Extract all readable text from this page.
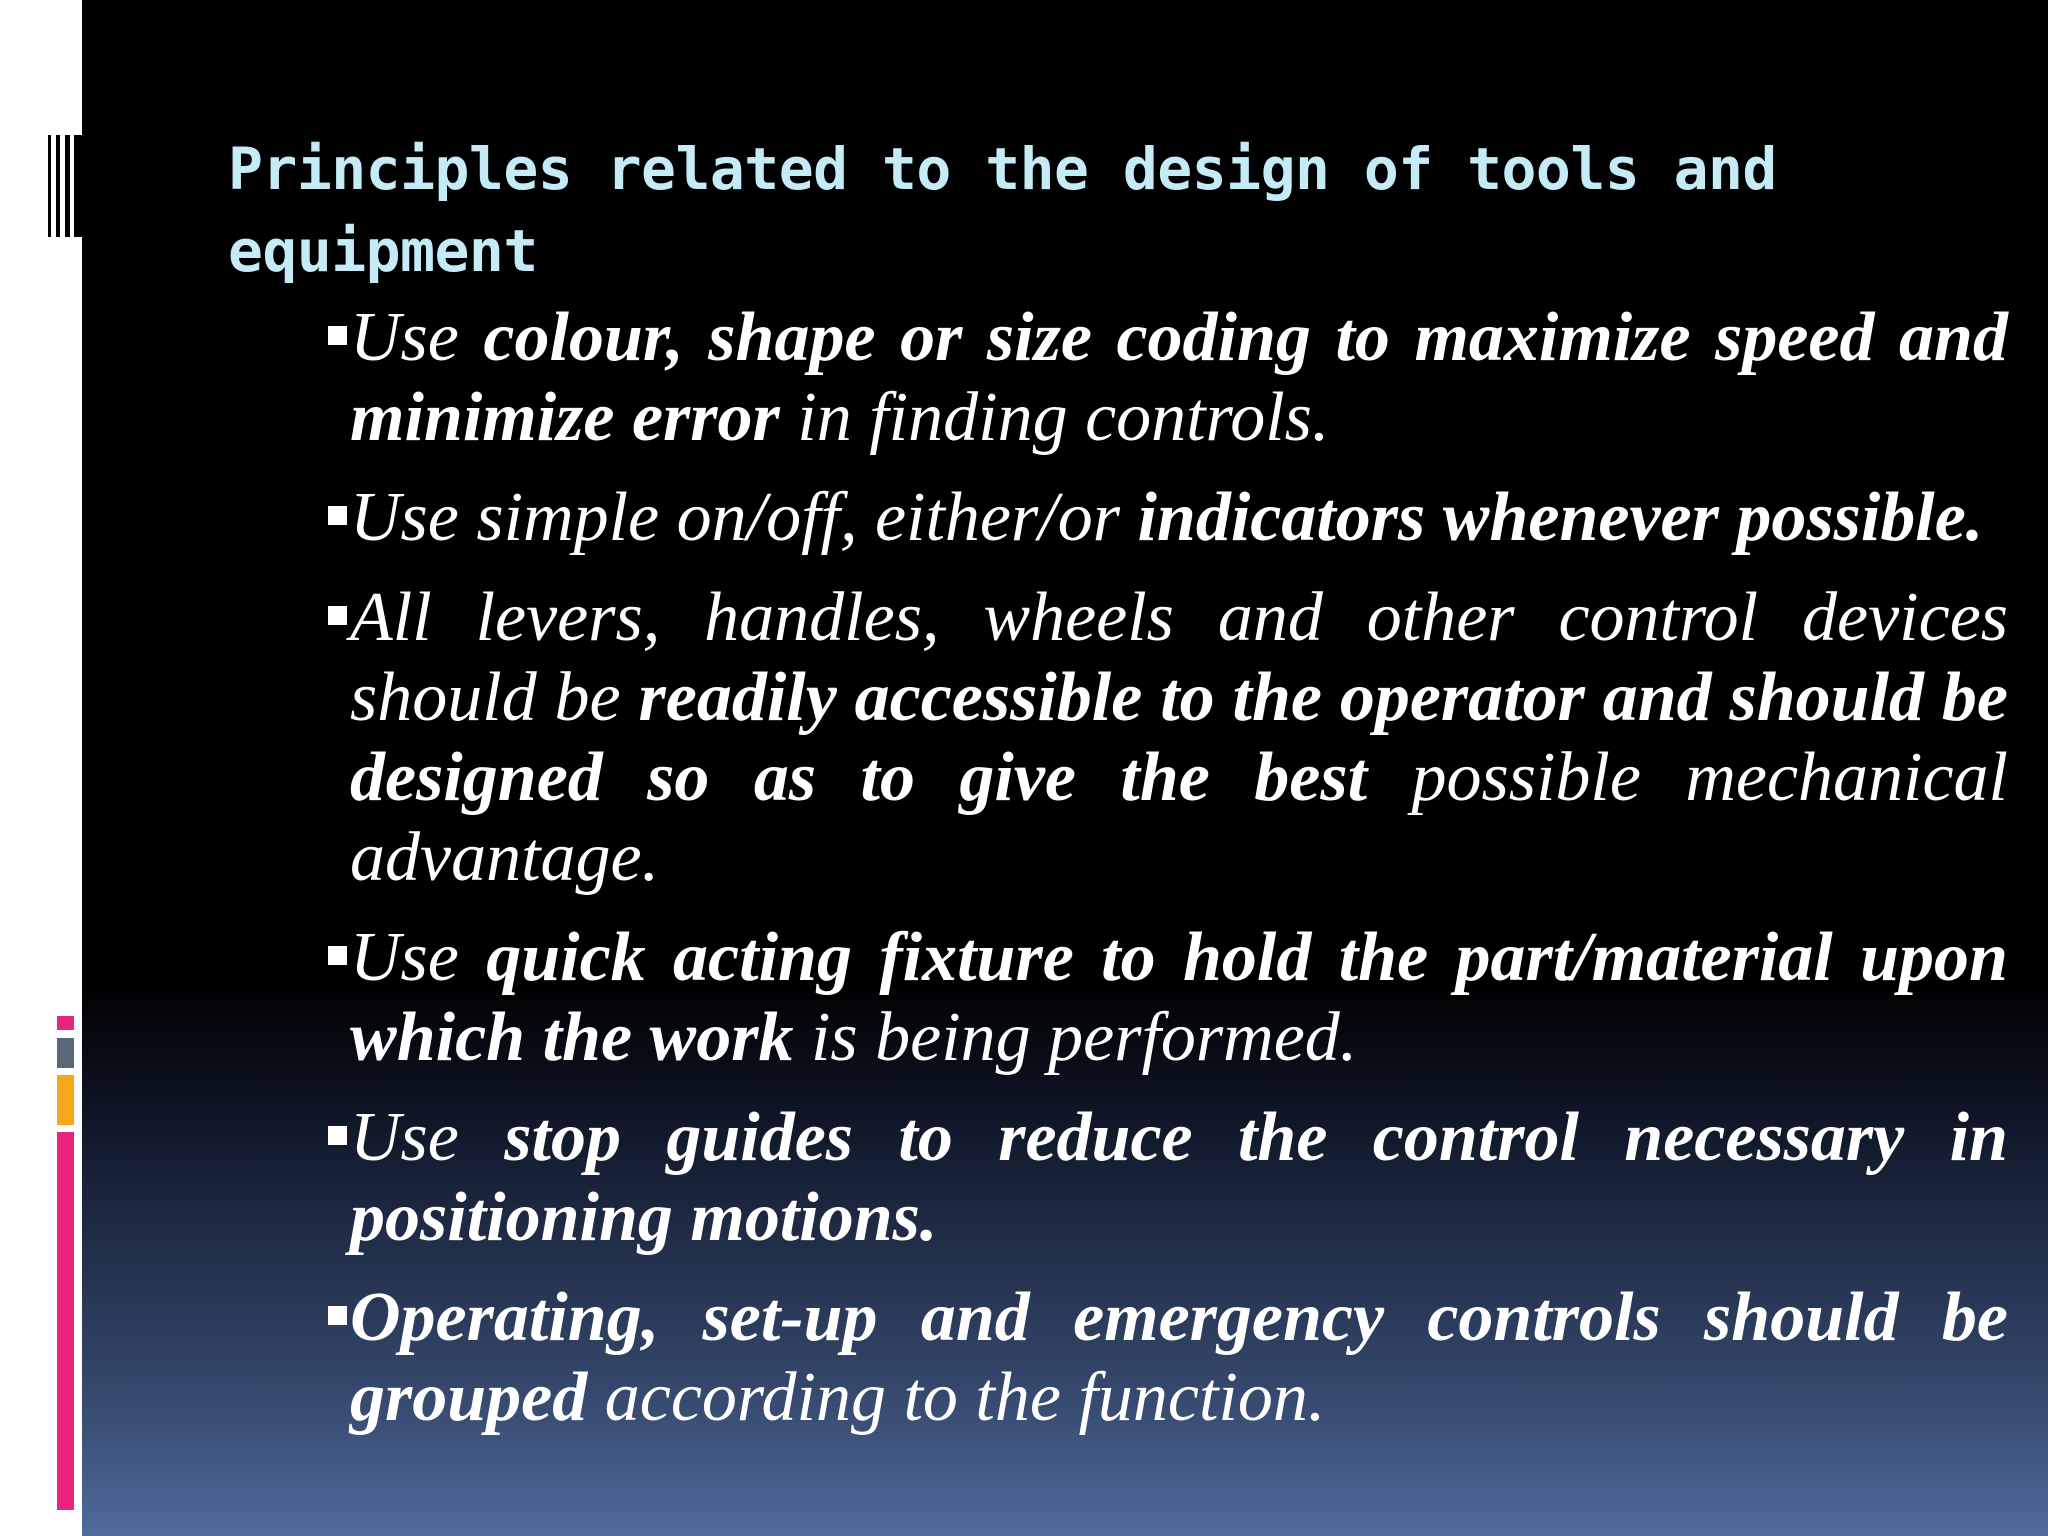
Principles related to the design of tools and equipment
Use colour, shape or size coding to maximize speed and minimize error in finding controls.
Use simple on/off, either/or indicators whenever possible.
All levers, handles, wheels and other control devices should be readily accessible to the operator and should be designed so as to give the best possible mechanical advantage.
Use quick acting fixture to hold the part/material upon which the work is being performed.
Use stop guides to reduce the control necessary in positioning motions.
Operating, set-up and emergency controls should be grouped according to the function.
